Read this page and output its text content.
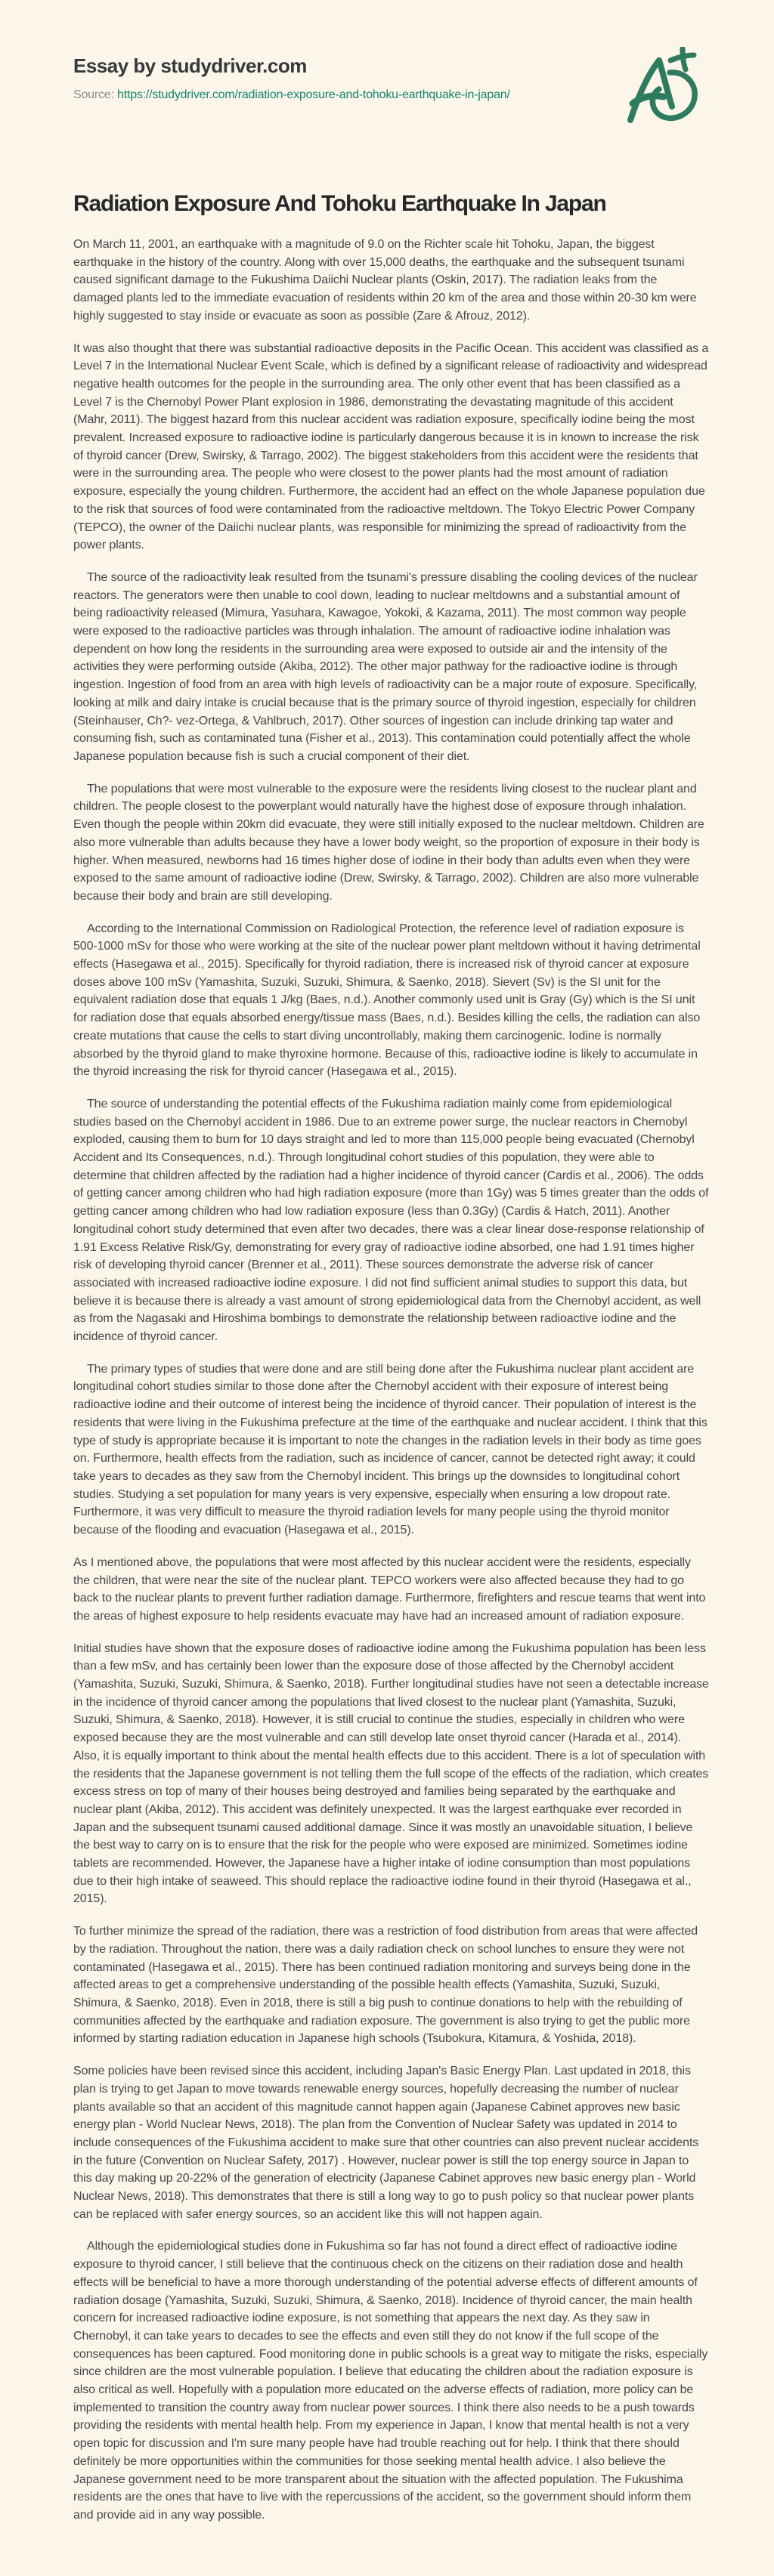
Essay by studydriver.com

Source: https://studydriver.com/radiation-exposure-and-tohoku-earthquake-in-japan/

Radiation Exposure And Tohoku Earthquake In Japan

On March 11, 2001, an earthquake with a magnitude of 9.0 on the Richter scale hit Tohoku, Japan, the biggest earthquake in the history of the country. Along with over 15,000 deaths, the earthquake and the subsequent tsunami caused significant damage to the Fukushima Daiichi Nuclear plants (Oskin, 2017). The radiation leaks from the damaged plants led to the immediate evacuation of residents within 20 km of the area and those within 20-30 km were highly suggested to stay inside or evacuate as soon as possible (Zare & Afrouz, 2012).

It was also thought that there was substantial radioactive deposits in the Pacific Ocean. This accident was classified as a Level 7 in the International Nuclear Event Scale, which is defined by a significant release of radioactivity and widespread negative health outcomes for the people in the surrounding area. The only other event that has been classified as a Level 7 is the Chernobyl Power Plant explosion in 1986, demonstrating the devastating magnitude of this accident (Mahr, 2011). The biggest hazard from this nuclear accident was radiation exposure, specifically iodine being the most prevalent. Increased exposure to radioactive iodine is particularly dangerous because it is in known to increase the risk of thyroid cancer (Drew, Swirsky, & Tarrago, 2002). The biggest stakeholders from this accident were the residents that were in the surrounding area. The people who were closest to the power plants had the most amount of radiation exposure, especially the young children. Furthermore, the accident had an effect on the whole Japanese population due to the risk that sources of food were contaminated from the radioactive meltdown. The Tokyo Electric Power Company (TEPCO), the owner of the Daiichi nuclear plants, was responsible for minimizing the spread of radioactivity from the power plants.

The source of the radioactivity leak resulted from the tsunami's pressure disabling the cooling devices of the nuclear reactors. The generators were then unable to cool down, leading to nuclear meltdowns and a substantial amount of being radioactivity released (Mimura, Yasuhara, Kawagoe, Yokoki, & Kazama, 2011). The most common way people were exposed to the radioactive particles was through inhalation. The amount of radioactive iodine inhalation was dependent on how long the residents in the surrounding area were exposed to outside air and the intensity of the activities they were performing outside (Akiba, 2012). The other major pathway for the radioactive iodine is through ingestion. Ingestion of food from an area with high levels of radioactivity can be a major route of exposure. Specifically, looking at milk and dairy intake is crucial because that is the primary source of thyroid ingestion, especially for children (Steinhauser, Ch?- vez-Ortega, & Vahlbruch, 2017). Other sources of ingestion can include drinking tap water and consuming fish, such as contaminated tuna (Fisher et al., 2013). This contamination could potentially affect the whole Japanese population because fish is such a crucial component of their diet.

The populations that were most vulnerable to the exposure were the residents living closest to the nuclear plant and children. The people closest to the powerplant would naturally have the highest dose of exposure through inhalation. Even though the people within 20km did evacuate, they were still initially exposed to the nuclear meltdown. Children are also more vulnerable than adults because they have a lower body weight, so the proportion of exposure in their body is higher. When measured, newborns had 16 times higher dose of iodine in their body than adults even when they were exposed to the same amount of radioactive iodine (Drew, Swirsky, & Tarrago, 2002). Children are also more vulnerable because their body and brain are still developing.

According to the International Commission on Radiological Protection, the reference level of radiation exposure is 500-1000 mSv for those who were working at the site of the nuclear power plant meltdown without it having detrimental effects (Hasegawa et al., 2015). Specifically for thyroid radiation, there is increased risk of thyroid cancer at exposure doses above 100 mSv (Yamashita, Suzuki, Suzuki, Shimura, & Saenko, 2018). Sievert (Sv) is the SI unit for the equivalent radiation dose that equals 1 J/kg (Baes, n.d.). Another commonly used unit is Gray (Gy) which is the SI unit for radiation dose that equals absorbed energy/tissue mass (Baes, n.d.). Besides killing the cells, the radiation can also create mutations that cause the cells to start diving uncontrollably, making them carcinogenic. Iodine is normally absorbed by the thyroid gland to make thyroxine hormone. Because of this, radioactive iodine is likely to accumulate in the thyroid increasing the risk for thyroid cancer (Hasegawa et al., 2015).

The source of understanding the potential effects of the Fukushima radiation mainly come from epidemiological studies based on the Chernobyl accident in 1986. Due to an extreme power surge, the nuclear reactors in Chernobyl exploded, causing them to burn for 10 days straight and led to more than 115,000 people being evacuated (Chernobyl Accident and Its Consequences, n.d.). Through longitudinal cohort studies of this population, they were able to determine that children affected by the radiation had a higher incidence of thyroid cancer (Cardis et al., 2006). The odds of getting cancer among children who had high radiation exposure (more than 1Gy) was 5 times greater than the odds of getting cancer among children who had low radiation exposure (less than 0.3Gy) (Cardis & Hatch, 2011). Another longitudinal cohort study determined that even after two decades, there was a clear linear dose-response relationship of 1.91 Excess Relative Risk/Gy, demonstrating for every gray of radioactive iodine absorbed, one had 1.91 times higher risk of developing thyroid cancer (Brenner et al., 2011). These sources demonstrate the adverse risk of cancer associated with increased radioactive iodine exposure. I did not find sufficient animal studies to support this data, but believe it is because there is already a vast amount of strong epidemiological data from the Chernobyl accident, as well as from the Nagasaki and Hiroshima bombings to demonstrate the relationship between radioactive iodine and the incidence of thyroid cancer.

The primary types of studies that were done and are still being done after the Fukushima nuclear plant accident are longitudinal cohort studies similar to those done after the Chernobyl accident with their exposure of interest being radioactive iodine and their outcome of interest being the incidence of thyroid cancer. Their population of interest is the residents that were living in the Fukushima prefecture at the time of the earthquake and nuclear accident. I think that this type of study is appropriate because it is important to note the changes in the radiation levels in their body as time goes on. Furthermore, health effects from the radiation, such as incidence of cancer, cannot be detected right away; it could take years to decades as they saw from the Chernobyl incident. This brings up the downsides to longitudinal cohort studies. Studying a set population for many years is very expensive, especially when ensuring a low dropout rate. Furthermore, it was very difficult to measure the thyroid radiation levels for many people using the thyroid monitor because of the flooding and evacuation (Hasegawa et al., 2015).

As I mentioned above, the populations that were most affected by this nuclear accident were the residents, especially the children, that were near the site of the nuclear plant. TEPCO workers were also affected because they had to go back to the nuclear plants to prevent further radiation damage. Furthermore, firefighters and rescue teams that went into the areas of highest exposure to help residents evacuate may have had an increased amount of radiation exposure.

Initial studies have shown that the exposure doses of radioactive iodine among the Fukushima population has been less than a few mSv, and has certainly been lower than the exposure dose of those affected by the Chernobyl accident (Yamashita, Suzuki, Suzuki, Shimura, & Saenko, 2018). Further longitudinal studies have not seen a detectable increase in the incidence of thyroid cancer among the populations that lived closest to the nuclear plant (Yamashita, Suzuki, Suzuki, Shimura, & Saenko, 2018). However, it is still crucial to continue the studies, especially in children who were exposed because they are the most vulnerable and can still develop late onset thyroid cancer (Harada et al., 2014). Also, it is equally important to think about the mental health effects due to this accident. There is a lot of speculation with the residents that the Japanese government is not telling them the full scope of the effects of the radiation, which creates excess stress on top of many of their houses being destroyed and families being separated by the earthquake and nuclear plant (Akiba, 2012). This accident was definitely unexpected. It was the largest earthquake ever recorded in Japan and the subsequent tsunami caused additional damage. Since it was mostly an unavoidable situation, I believe the best way to carry on is to ensure that the risk for the people who were exposed are minimized. Sometimes iodine tablets are recommended. However, the Japanese have a higher intake of iodine consumption than most populations due to their high intake of seaweed. This should replace the radioactive iodine found in their thyroid (Hasegawa et al., 2015).

To further minimize the spread of the radiation, there was a restriction of food distribution from areas that were affected by the radiation. Throughout the nation, there was a daily radiation check on school lunches to ensure they were not contaminated (Hasegawa et al., 2015). There has been continued radiation monitoring and surveys being done in the affected areas to get a comprehensive understanding of the possible health effects (Yamashita, Suzuki, Suzuki, Shimura, & Saenko, 2018). Even in 2018, there is still a big push to continue donations to help with the rebuilding of communities affected by the earthquake and radiation exposure. The government is also trying to get the public more informed by starting radiation education in Japanese high schools (Tsubokura, Kitamura, & Yoshida, 2018).

Some policies have been revised since this accident, including Japan's Basic Energy Plan. Last updated in 2018, this plan is trying to get Japan to move towards renewable energy sources, hopefully decreasing the number of nuclear plants available so that an accident of this magnitude cannot happen again (Japanese Cabinet approves new basic energy plan - World Nuclear News, 2018). The plan from the Convention of Nuclear Safety was updated in 2014 to include consequences of the Fukushima accident to make sure that other countries can also prevent nuclear accidents in the future (Convention on Nuclear Safety, 2017) . However, nuclear power is still the top energy source in Japan to this day making up 20-22% of the generation of electricity (Japanese Cabinet approves new basic energy plan - World Nuclear News, 2018). This demonstrates that there is still a long way to go to push policy so that nuclear power plants can be replaced with safer energy sources, so an accident like this will not happen again.

Although the epidemiological studies done in Fukushima so far has not found a direct effect of radioactive iodine exposure to thyroid cancer, I still believe that the continuous check on the citizens on their radiation dose and health effects will be beneficial to have a more thorough understanding of the potential adverse effects of different amounts of radiation dosage (Yamashita, Suzuki, Suzuki, Shimura, & Saenko, 2018). Incidence of thyroid cancer, the main health concern for increased radioactive iodine exposure, is not something that appears the next day. As they saw in Chernobyl, it can take years to decades to see the effects and even still they do not know if the full scope of the consequences has been captured. Food monitoring done in public schools is a great way to mitigate the risks, especially since children are the most vulnerable population. I believe that educating the children about the radiation exposure is also critical as well. Hopefully with a population more educated on the adverse effects of radiation, more policy can be implemented to transition the country away from nuclear power sources. I think there also needs to be a push towards providing the residents with mental health help. From my experience in Japan, I know that mental health is not a very open topic for discussion and I'm sure many people have had trouble reaching out for help. I think that there should definitely be more opportunities within the communities for those seeking mental health advice. I also believe the Japanese government need to be more transparent about the situation with the affected population. The Fukushima residents are the ones that have to live with the repercussions of the accident, so the government should inform them and provide aid in any way possible.
